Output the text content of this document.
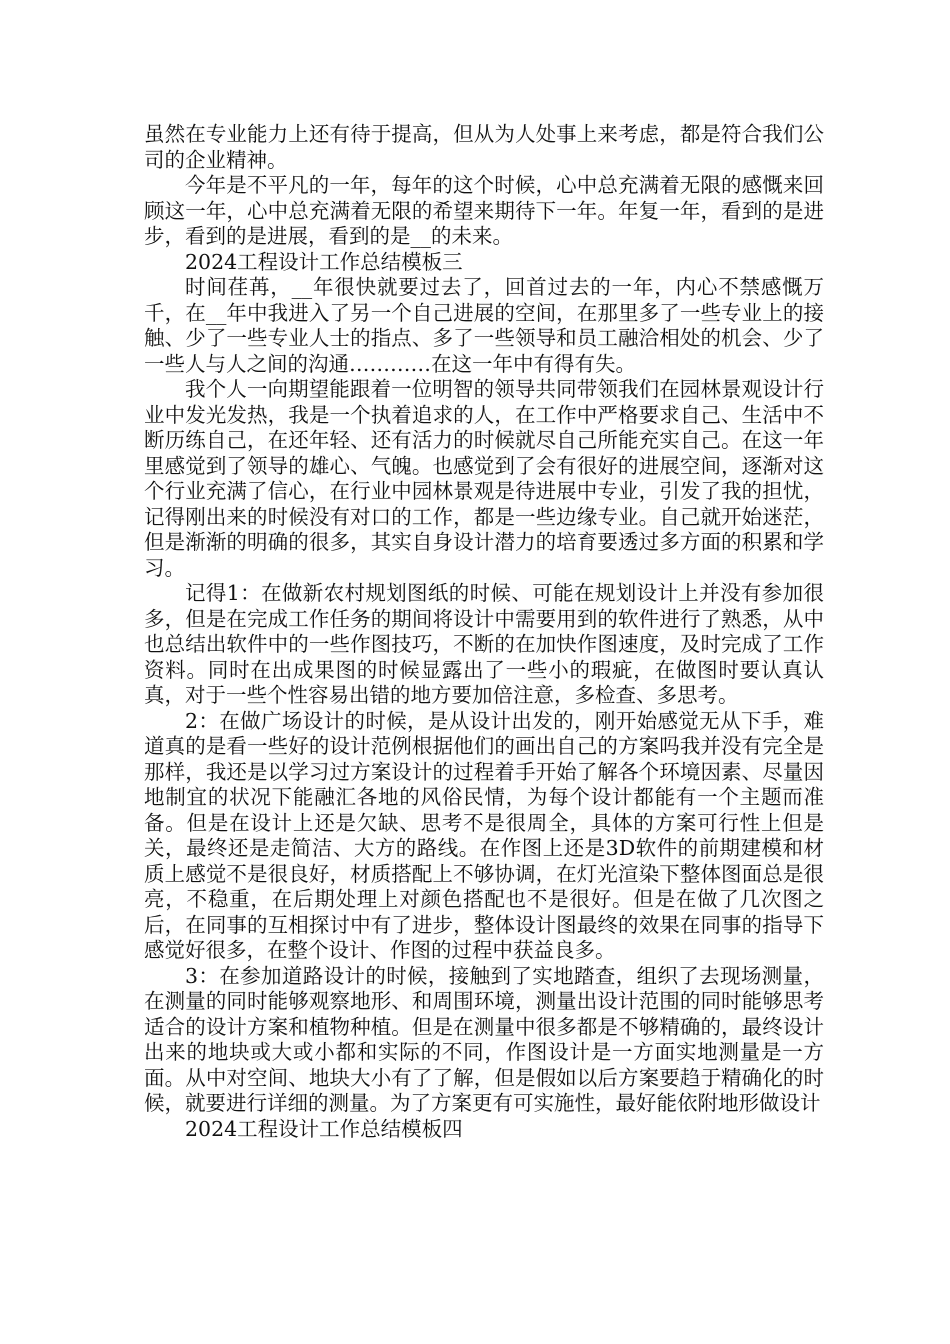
虽然在专业能力上还有待于提高，但从为人处事上来考虑，都是符合我们公司的企业精神。

今年是不平凡的一年，每年的这个时候，心中总充满着无限的感慨来回顾这一年，心中总充满着无限的希望来期待下一年。年复一年，看到的是进步，看到的是进展，看到的是__的未来。

2024工程设计工作总结模板三

时间荏苒，__年很快就要过去了，回首过去的一年，内心不禁感慨万千，在__年中我进入了另一个自己进展的空间，在那里多了一些专业上的接触、少了一些专业人士的指点、多了一些领导和员工融洽相处的机会、少了一些人与人之间的沟通…………在这一年中有得有失。

我个人一向期望能跟着一位明智的领导共同带领我们在园林景观设计行业中发光发热，我是一个执着追求的人，在工作中严格要求自己、生活中不断历练自己，在还年轻、还有活力的时候就尽自己所能充实自己。在这一年里感觉到了领导的雄心、气魄。也感觉到了会有很好的进展空间，逐渐对这个行业充满了信心，在行业中园林景观是待进展中专业，引发了我的担忧，记得刚出来的时候没有对口的工作，都是一些边缘专业。自己就开始迷茫，但是渐渐的明确的很多，其实自身设计潜力的培育要透过多方面的积累和学习。

记得1：在做新农村规划图纸的时候、可能在规划设计上并没有参加很多，但是在完成工作任务的期间将设计中需要用到的软件进行了熟悉，从中也总结出软件中的一些作图技巧，不断的在加快作图速度，及时完成了工作资料。同时在出成果图的时候显露出了一些小的瑕疵，在做图时要认真认真，对于一些个性容易出错的地方要加倍注意，多检查、多思考。

2：在做广场设计的时候，是从设计出发的，刚开始感觉无从下手，难道真的是看一些好的设计范例根据他们的画出自己的方案吗我并没有完全是那样，我还是以学习过方案设计的过程着手开始了解各个环境因素、尽量因地制宜的状况下能融汇各地的风俗民情，为每个设计都能有一个主题而准备。但是在设计上还是欠缺、思考不是很周全，具体的方案可行性上但是关，最终还是走简洁、大方的路线。在作图上还是3D软件的前期建模和材质上感觉不是很良好，材质搭配上不够协调，在灯光渲染下整体图面总是很亮，不稳重，在后期处理上对颜色搭配也不是很好。但是在做了几次图之后，在同事的互相探讨中有了进步，整体设计图最终的效果在同事的指导下感觉好很多，在整个设计、作图的过程中获益良多。

3：在参加道路设计的时候，接触到了实地踏查，组织了去现场测量，在测量的同时能够观察地形、和周围环境，测量出设计范围的同时能够思考适合的设计方案和植物种植。但是在测量中很多都是不够精确的，最终设计出来的地块或大或小都和实际的不同，作图设计是一方面实地测量是一方面。从中对空间、地块大小有了了解，但是假如以后方案要趋于精确化的时候，就要进行详细的测量。为了方案更有可实施性，最好能依附地形做设计

2024工程设计工作总结模板四
